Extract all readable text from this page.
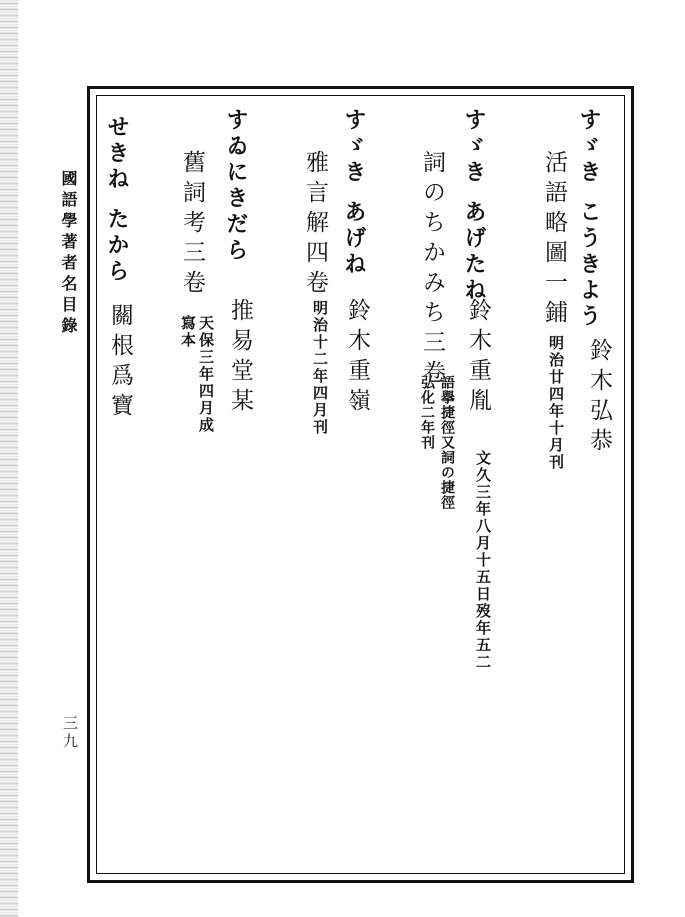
すゞきこうきよう
活語略圖一鋪
鈴木弘恭
明治廿四年十月刊
すゞきあげたね
詞のちかみち三卷 鈴木重胤
文久三年八月十五日歿年五二
語擧捷徑又詞の捷徑
弘化二年刊
すゞきあげね
雅言解四卷
鈴木重嶺
明治十二年四月刊
すゐにきだら
舊詞考三卷
推易堂某
天保三年四月成
寫本
せきねたから
關根爲寶
國語學著者名目錄
三九
